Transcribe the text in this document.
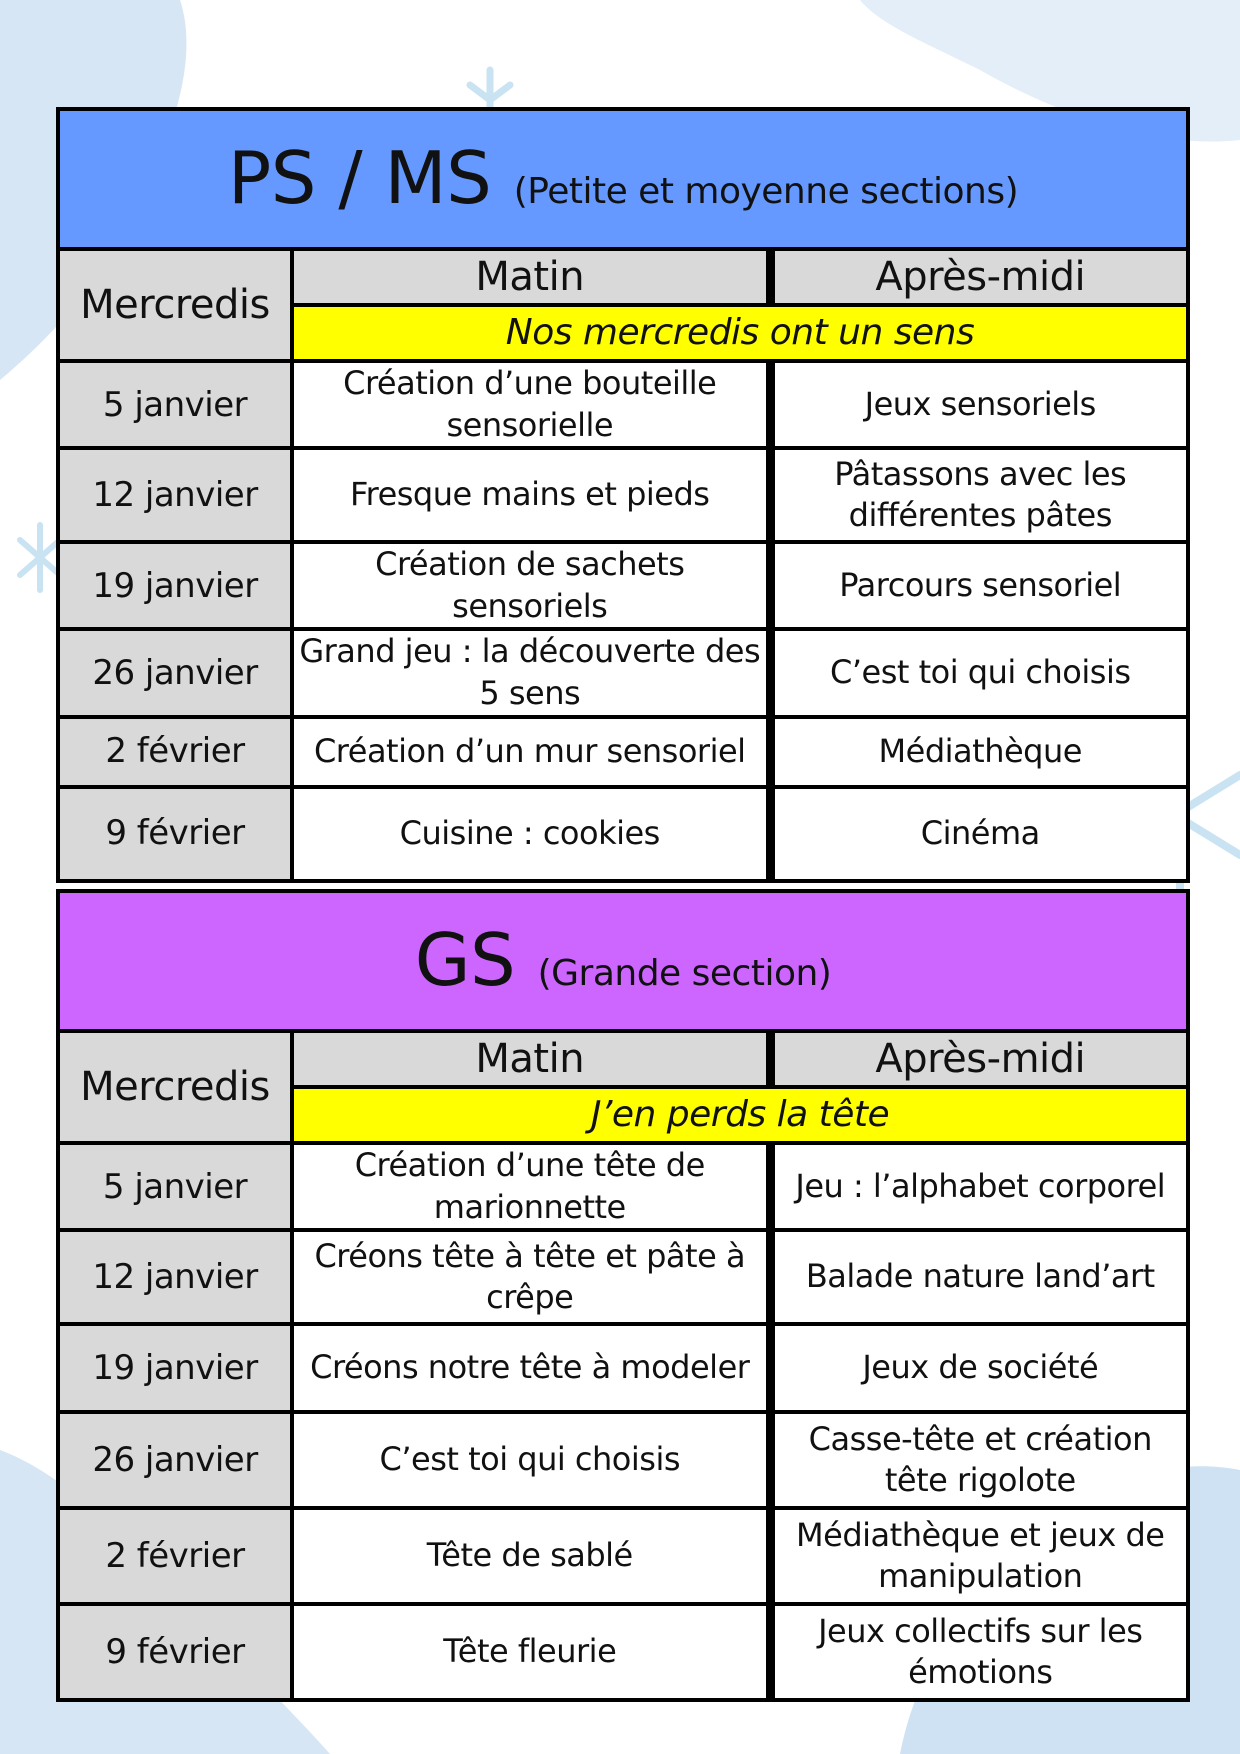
PS / MS (Petite et moyenne sections)		
Mercredis	Matin	Après-midi
	Nos mercredis ont un sens	
5 janvier	Création d’une bouteille sensorielle	Jeux sensoriels
12 janvier	Fresque mains et pieds	Pâtassons avec les différentes pâtes
19 janvier	Création de sachets sensoriels	Parcours sensoriel
26 janvier	Grand jeu : la découverte des 5 sens	C’est toi qui choisis
2 février	Création d’un mur sensoriel	Médiathèque
9 février	Cuisine : cookies	Cinéma
GS (Grande section)		
Mercredis	Matin	Après-midi
	J’en perds la tête	
5 janvier	Création d’une tête de marionnette	Jeu : l’alphabet corporel
12 janvier	Créons tête à tête et pâte à crêpe	Balade nature land’art
19 janvier	Créons notre tête à modeler	Jeux de société
26 janvier	C’est toi qui choisis	Casse-tête et création tête rigolote
2 février	Tête de sablé	Médiathèque et jeux de manipulation
9 février	Tête fleurie	Jeux collectifs sur les émotions
